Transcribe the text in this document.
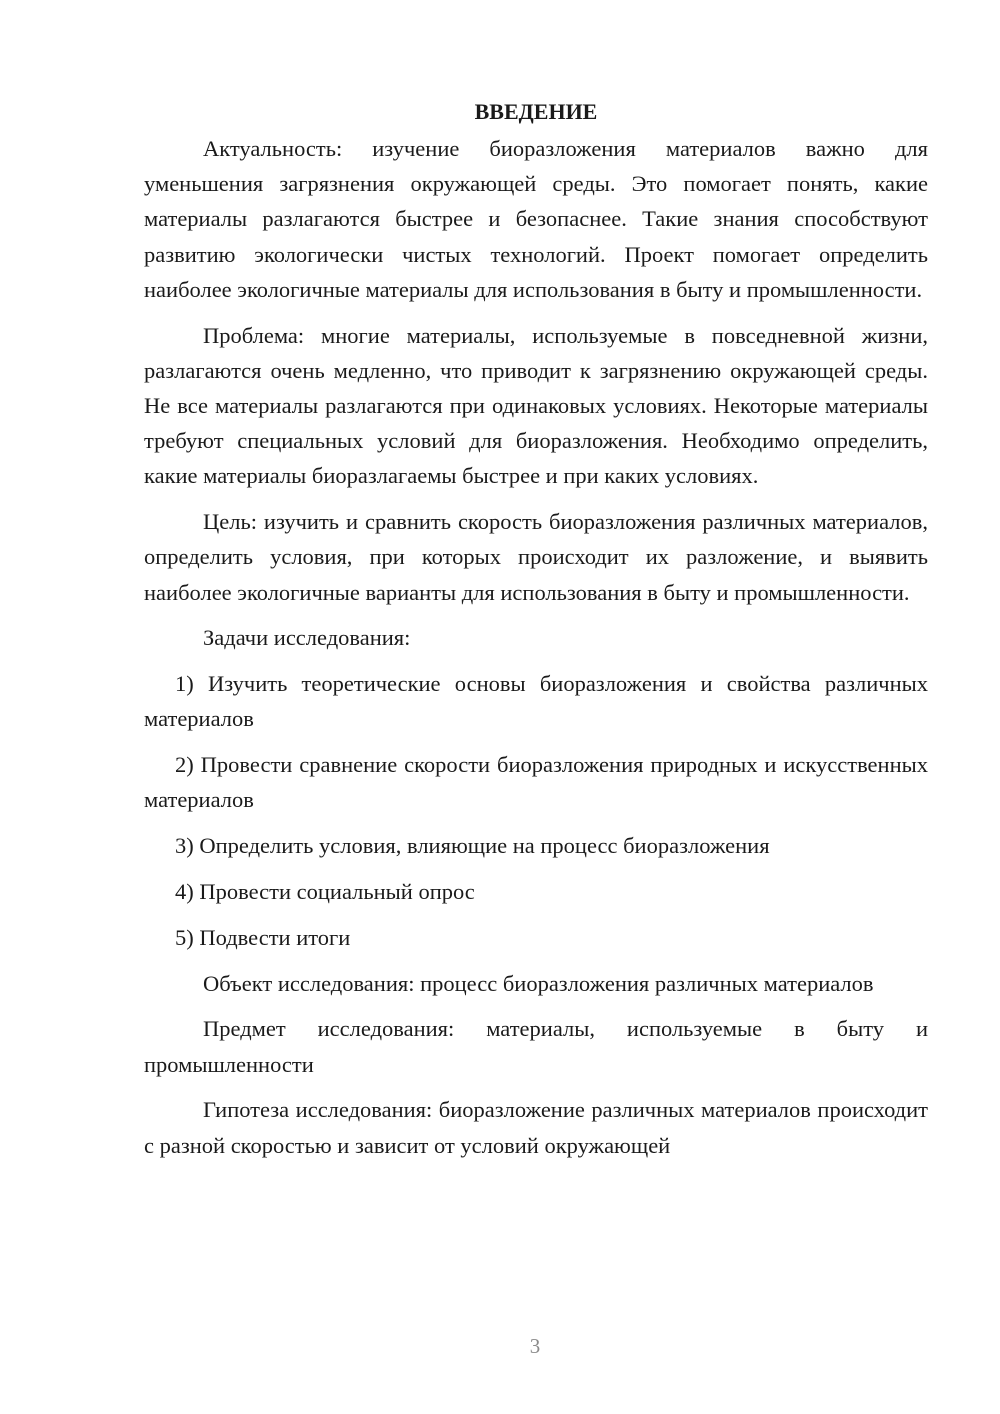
ВВЕДЕНИЕ

Актуальность: изучение биоразложения материалов важно для уменьшения загрязнения окружающей среды. Это помогает понять, какие материалы разлагаются быстрее и безопаснее. Такие знания способствуют развитию экологически чистых технологий. Проект помогает определить наиболее экологичные материалы для использования в быту и промышленности.

Проблема: многие материалы, используемые в повседневной жизни, разлагаются очень медленно, что приводит к загрязнению окружающей среды. Не все материалы разлагаются при одинаковых условиях. Некоторые материалы требуют специальных условий для биоразложения. Необходимо определить, какие материалы биоразлагаемы быстрее и при каких условиях.

Цель: изучить и сравнить скорость биоразложения различных материалов, определить условия, при которых происходит их разложение, и выявить наиболее экологичные варианты для использования в быту и промышленности.

Задачи исследования:

1) Изучить теоретические основы биоразложения и свойства различных материалов

2) Провести сравнение скорости биоразложения природных и искусственных материалов

3) Определить условия, влияющие на процесс биоразложения

4) Провести социальный опрос

5) Подвести итоги

Объект исследования: процесс биоразложения различных материалов

Предмет исследования: материалы, используемые в быту и промышленности

Гипотеза исследования: биоразложение различных материалов происходит с разной скоростью и зависит от условий окружающей

3
